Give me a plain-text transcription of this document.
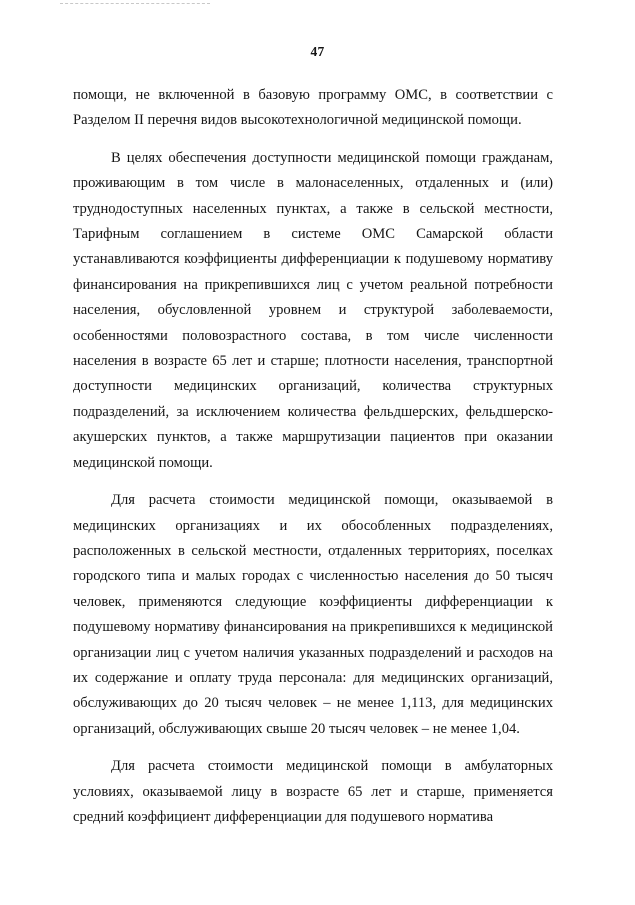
47

помощи, не включенной в базовую программу ОМС, в соответствии с Разделом II перечня видов высокотехнологичной медицинской помощи.

В целях обеспечения доступности медицинской помощи гражданам, проживающим в том числе в малонаселенных, отдаленных и (или) труднодоступных населенных пунктах, а также в сельской местности, Тарифным соглашением в системе ОМС Самарской области устанавливаются коэффициенты дифференциации к подушевому нормативу финансирования на прикрепившихся лиц с учетом реальной потребности населения, обусловленной уровнем и структурой заболеваемости, особенностями половозрастного состава, в том числе численности населения в возрасте 65 лет и старше; плотности населения, транспортной доступности медицинских организаций, количества структурных подразделений, за исключением количества фельдшерских, фельдшерско-акушерских пунктов, а также маршрутизации пациентов при оказании медицинской помощи.

Для расчета стоимости медицинской помощи, оказываемой в медицинских организациях и их обособленных подразделениях, расположенных в сельской местности, отдаленных территориях, поселках городского типа и малых городах с численностью населения до 50 тысяч человек, применяются следующие коэффициенты дифференциации к подушевому нормативу финансирования на прикрепившихся к медицинской организации лиц с учетом наличия указанных подразделений и расходов на их содержание и оплату труда персонала: для медицинских организаций, обслуживающих до 20 тысяч человек – не менее 1,113, для медицинских организаций, обслуживающих свыше 20 тысяч человек – не менее 1,04.

Для расчета стоимости медицинской помощи в амбулаторных условиях, оказываемой лицу в возрасте 65 лет и старше, применяется средний коэффициент дифференциации для подушевого норматива
